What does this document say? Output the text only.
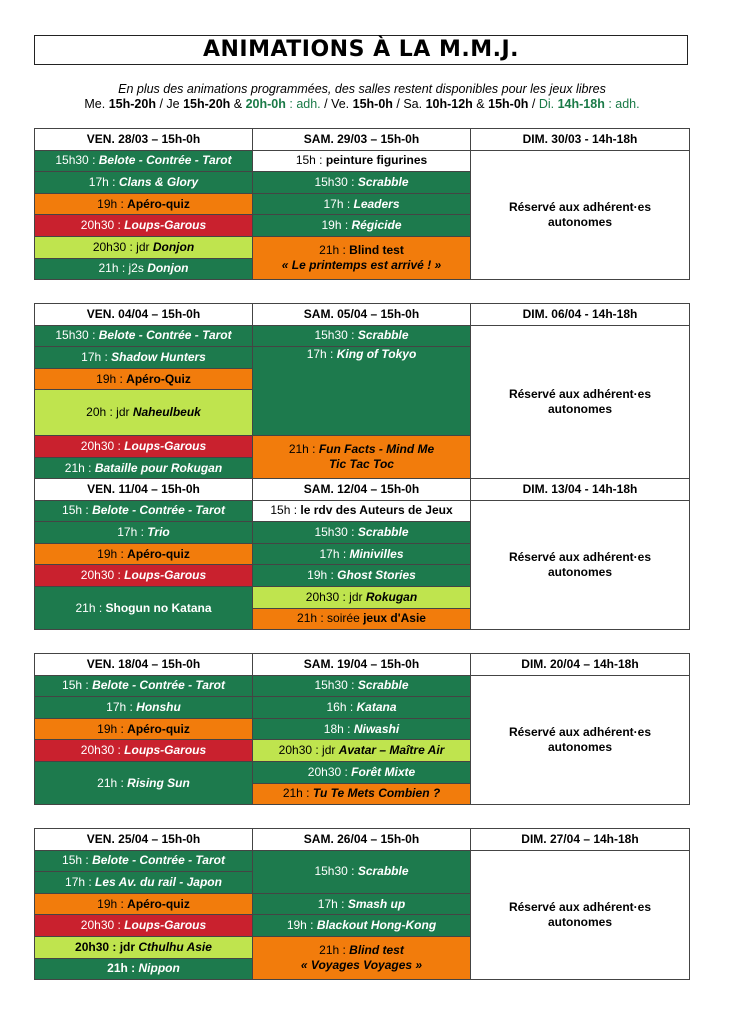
ANIMATIONS À LA M.M.J.
En plus des animations programmées, des salles restent disponibles pour les jeux libres
Me. 15h-20h / Je 15h-20h & 20h-0h : adh. / Ve. 15h-0h / Sa. 10h-12h & 15h-0h / Di. 14h-18h : adh.
VEN. 28/03 – 15h-0h	SAM. 29/03 – 15h-0h	DIM. 30/03 - 14h-18h
15h30 : Belote - Contrée - Tarot	15h : peinture figurines	Réservé aux adhérent·es
autonomes
17h : Clans & Glory	15h30 : Scrabble	
19h : Apéro-quiz	17h : Leaders	
20h30 : Loups-Garous	19h : Régicide	
20h30 : jdr Donjon	21h : Blind test
« Le printemps est arrivé ! »	
21h : j2s Donjon		
VEN. 04/04 – 15h-0h	SAM. 05/04 – 15h-0h	DIM. 06/04 - 14h-18h	
15h30 : Belote - Contrée - Tarot	15h30 : Scrabble	Réservé aux adhérent·es
autonomes	
17h : Shadow Hunters	17h : King of Tokyo		
19h : Apéro-Quiz			
20h : jdr Naheulbeuk			19h : Chinatown
20h30 : Loups-Garous	21h : Fun Facts - Mind Me
Tic Tac Toc		
21h : Bataille pour Rokugan			
VEN. 11/04 – 15h-0h	SAM. 12/04 – 15h-0h	DIM. 13/04 - 14h-18h
15h : Belote - Contrée - Tarot	15h : le rdv des Auteurs de Jeux	Réservé aux adhérent·es
autonomes
17h : Trio	15h30 : Scrabble	
19h : Apéro-quiz	17h : Minivilles	
20h30 : Loups-Garous	19h : Ghost Stories	
21h : Shogun no Katana	20h30 : jdr Rokugan	
	21h : soirée jeux d'Asie	
VEN. 18/04 – 15h-0h	SAM. 19/04 – 15h-0h	DIM. 20/04 – 14h-18h
15h : Belote - Contrée - Tarot	15h30 : Scrabble	Réservé aux adhérent·es
autonomes
17h : Honshu	16h : Katana	
19h : Apéro-quiz	18h : Niwashi	
20h30 : Loups-Garous	20h30 : jdr Avatar – Maître Air	
21h : Rising Sun	20h30 : Forêt Mixte	
	21h : Tu Te Mets Combien ?	
VEN. 25/04 – 15h-0h	SAM. 26/04 – 15h-0h	DIM. 27/04 – 14h-18h
15h : Belote - Contrée - Tarot	15h30 : Scrabble	Réservé aux adhérent·es
autonomes
17h : Les Av. du rail - Japon		
19h : Apéro-quiz	17h : Smash up	
20h30 : Loups-Garous	19h : Blackout Hong-Kong	
20h30 : jdr Cthulhu Asie	21h : Blind test
« Voyages Voyages »	
21h : Nippon		
